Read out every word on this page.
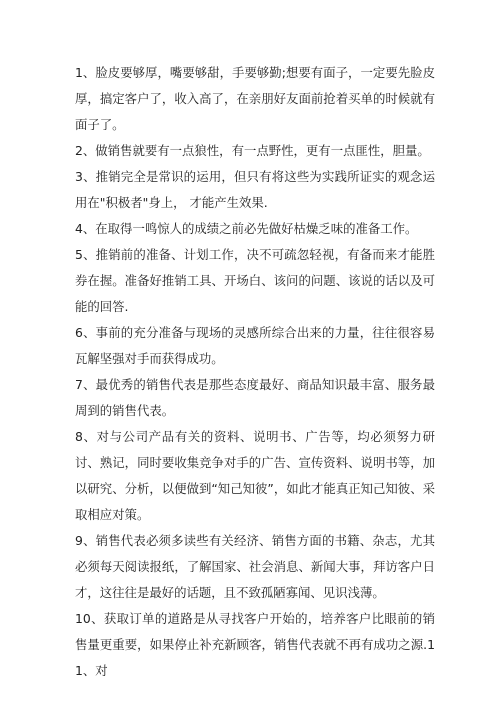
1、脸皮要够厚，嘴要够甜，手要够勤;想要有面子，一定要先脸皮厚，搞定客户了，收入高了，在亲朋好友面前抢着买单的时候就有面子了。

2、做销售就要有一点狼性，有一点野性，更有一点匪性，胆量。

3、推销完全是常识的运用，但只有将这些为实践所证实的观念运用在"积极者"身上， 才能产生效果.

4、在取得一鸣惊人的成绩之前必先做好枯燥乏味的准备工作。

5、推销前的准备、计划工作，决不可疏忽轻视，有备而来才能胜券在握。准备好推销工具、开场白、该问的问题、该说的话以及可能的回答.

6、事前的充分准备与现场的灵感所综合出来的力量，往往很容易瓦解坚强对手而获得成功。

7、最优秀的销售代表是那些态度最好、商品知识最丰富、服务最周到的销售代表。

8、对与公司产品有关的资料、说明书、广告等，均必须努力研讨、熟记，同时要收集竞争对手的广告、宣传资料、说明书等，加以研究、分析，以便做到“知己知彼”，如此才能真正知己知彼、采取相应对策。

9、销售代表必须多读些有关经济、销售方面的书籍、杂志，尤其必须每天阅读报纸，了解国家、社会消息、新闻大事，拜访客户日才，这往往是最好的话题，且不致孤陋寡闻、见识浅薄。

10、获取订单的道路是从寻找客户开始的，培养客户比眼前的销售量更重要，如果停止补充新顾客，销售代表就不再有成功之源.11、对
